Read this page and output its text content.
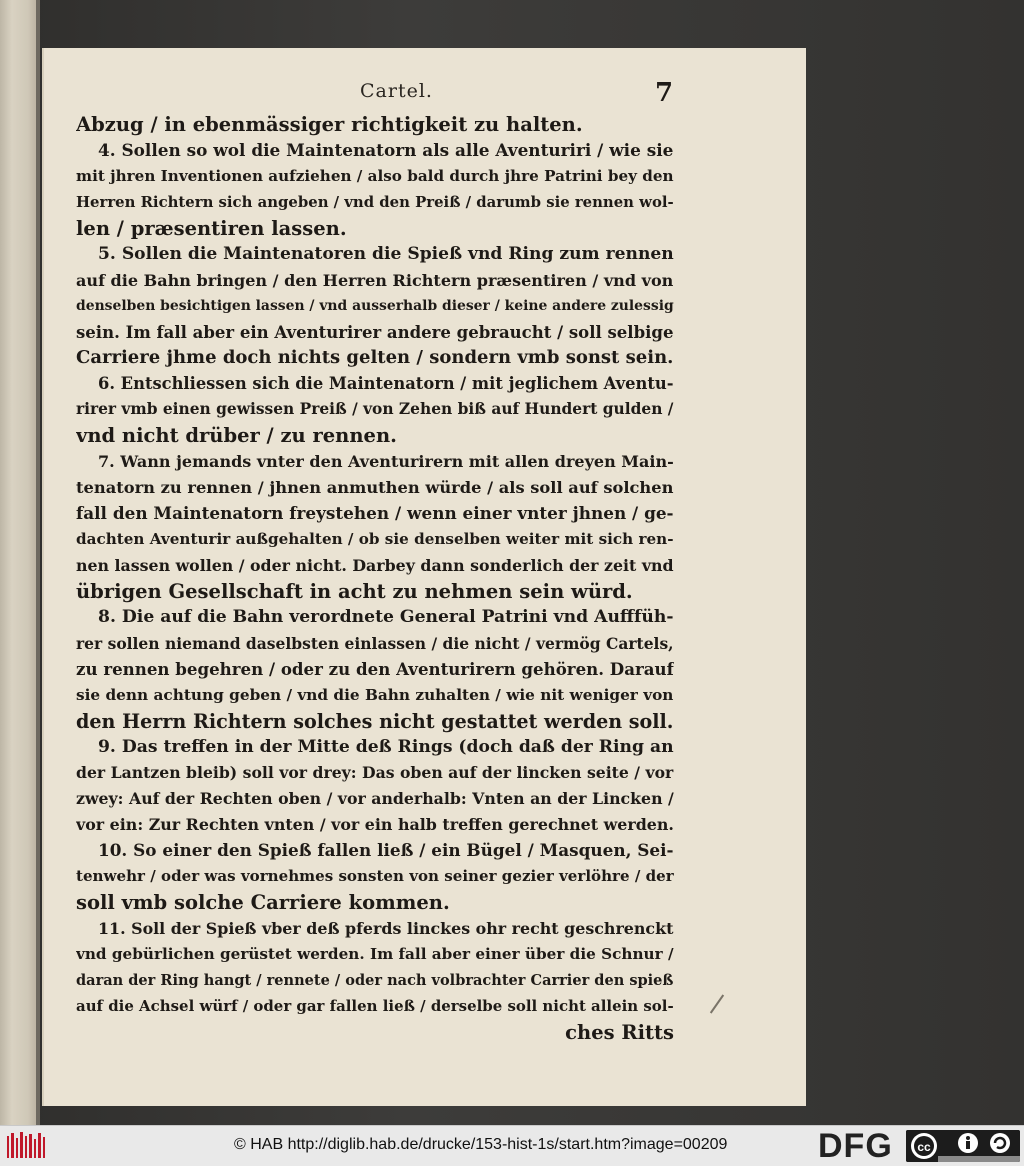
Cartel.	7
Abzug / in ebenmässiger richtigkeit zu halten.
4. Sollen so wol die Maintenatorn als alle Aventuriri / wie sie
mit jhren Inventionen aufziehen / also bald durch jhre Patrini bey den
Herren Richtern sich angeben / vnd den Preiß / darumb sie rennen wol-
len / præsentiren lassen.
5. Sollen die Maintenatoren die Spieß vnd Ring zum rennen
auf die Bahn bringen / den Herren Richtern præsentiren / vnd von
denselben besichtigen lassen / vnd ausserhalb dieser / keine andere zulessig
sein. Im fall aber ein Aventurirer andere gebraucht / soll selbige
Carriere jhme doch nichts gelten / sondern vmb sonst sein.
6. Entschliessen sich die Maintenatorn / mit jeglichem Aventu-
rirer vmb einen gewissen Preiß / von Zehen biß auf Hundert gulden /
vnd nicht drüber / zu rennen.
7. Wann jemands vnter den Aventurirern mit allen dreyen Main-
tenatorn zu rennen / jhnen anmuthen würde / als soll auf solchen
fall den Maintenatorn freystehen / wenn einer vnter jhnen / ge-
dachten Aventurir außgehalten / ob sie denselben weiter mit sich ren-
nen lassen wollen / oder nicht. Darbey dann sonderlich der zeit vnd
übrigen Gesellschaft in acht zu nehmen sein würd.
8. Die auf die Bahn verordnete General Patrini vnd Aufffüh-
rer sollen niemand daselbsten einlassen / die nicht / vermög Cartels,
zu rennen begehren / oder zu den Aventurirern gehören. Darauf
sie denn achtung geben / vnd die Bahn zuhalten / wie nit weniger von
den Herrn Richtern solches nicht gestattet werden soll.
9. Das treffen in der Mitte deß Rings (doch daß der Ring an
der Lantzen bleib) soll vor drey: Das oben auf der lincken seite / vor
zwey: Auf der Rechten oben / vor anderhalb: Vnten an der Lincken /
vor ein: Zur Rechten vnten / vor ein halb treffen gerechnet werden.
10. So einer den Spieß fallen ließ / ein Bügel / Masquen, Sei-
tenwehr / oder was vornehmes sonsten von seiner gezier verlöhre / der
soll vmb solche Carriere kommen.
11. Soll der Spieß vber deß pferds linckes ohr recht geschrenckt
vnd gebürlichen gerüstet werden. Im fall aber einer über die Schnur /
daran der Ring hangt / rennete / oder nach volbrachter Carrier den spieß
auf die Achsel würf / oder gar fallen ließ / derselbe soll nicht allein sol-
ches Ritts
© HAB http://diglib.hab.de/drucke/153-hist-1s/start.htm?image=00209	DFG cc
